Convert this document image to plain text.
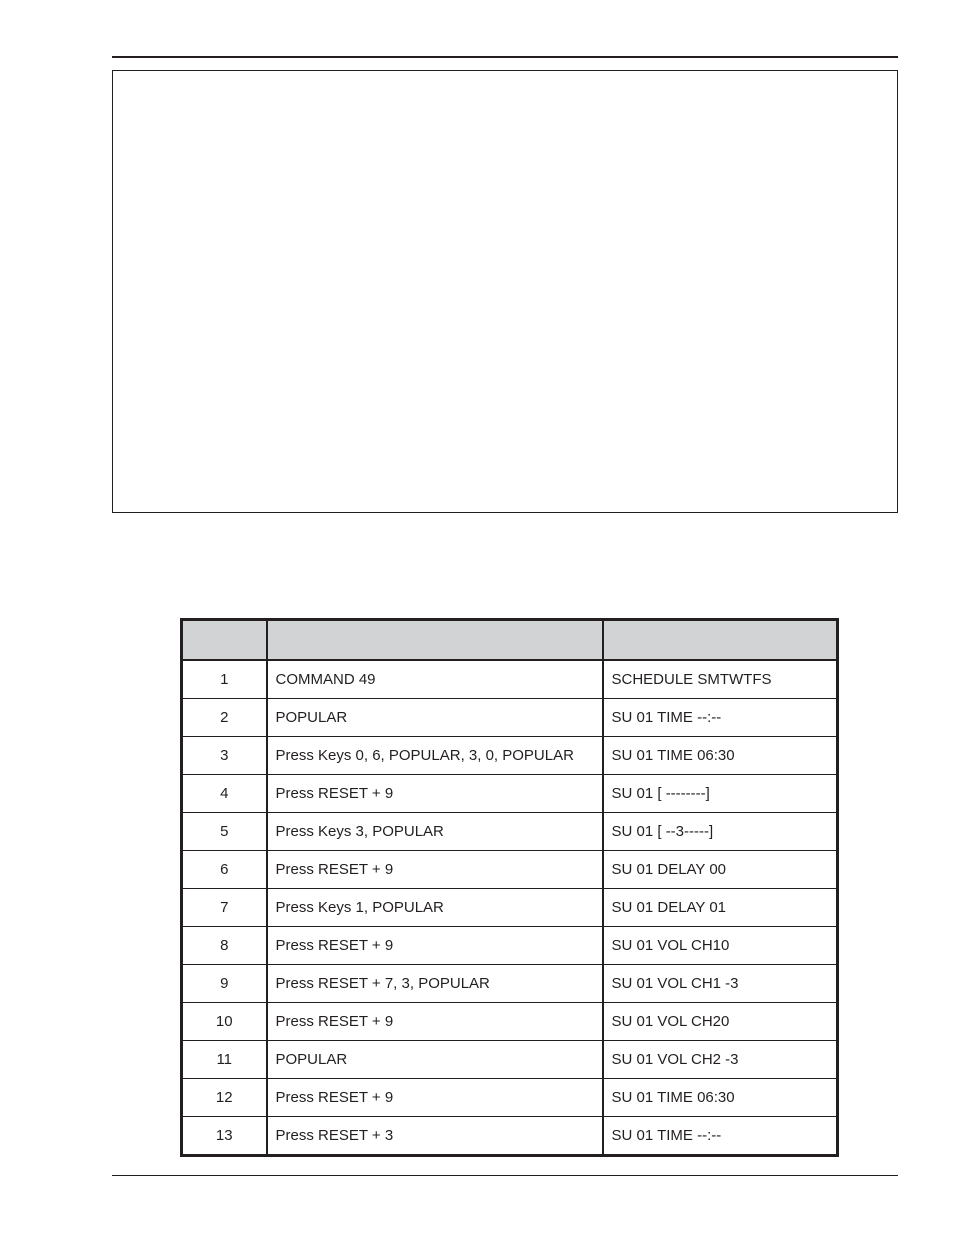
1	COMMAND 49	SCHEDULE SMTWTFS
2	POPULAR	SU 01 TIME --:--
3	Press Keys 0, 6, POPULAR, 3, 0, POPULAR	SU 01 TIME 06:30
4	Press RESET + 9	SU 01 [ --------]
5	Press Keys 3, POPULAR	SU 01 [ --3-----]
6	Press RESET + 9	SU 01 DELAY 00
7	Press Keys 1, POPULAR	SU 01 DELAY 01
8	Press RESET + 9	SU 01 VOL CH10
9	Press RESET + 7, 3, POPULAR	SU 01 VOL CH1 -3
10	Press RESET + 9	SU 01 VOL CH20
11	POPULAR	SU 01 VOL CH2 -3
12	Press RESET + 9	SU 01 TIME 06:30
13	Press RESET + 3	SU 01 TIME --:--
